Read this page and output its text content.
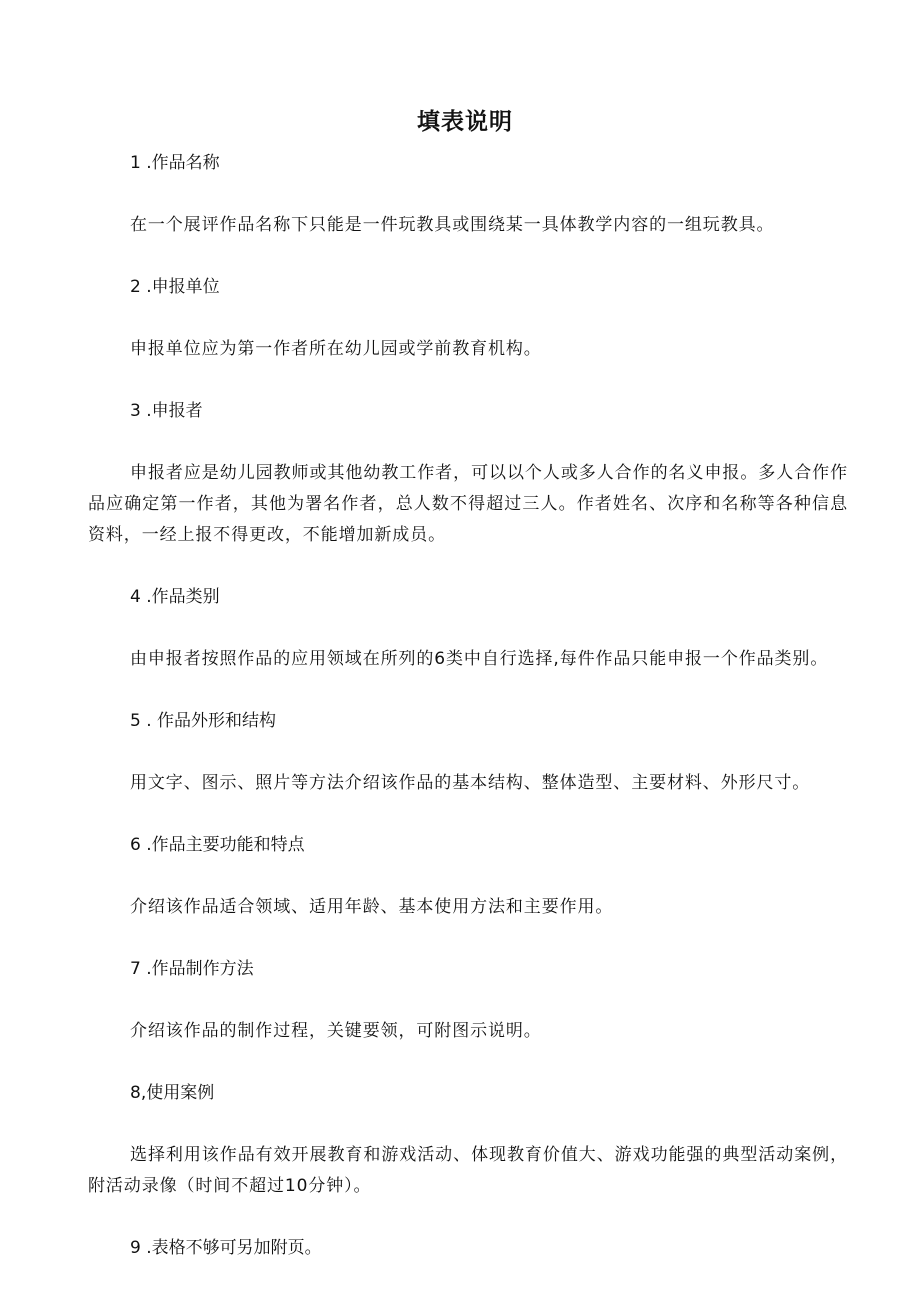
填表说明
1 .作品名称
在一个展评作品名称下只能是一件玩教具或围绕某一具体教学内容的一组玩教具。
2 .申报单位
申报单位应为第一作者所在幼儿园或学前教育机构。
3 .申报者
申报者应是幼儿园教师或其他幼教工作者，可以以个人或多人合作的名义申报。多人合作作品应确定第一作者，其他为署名作者，总人数不得超过三人。作者姓名、次序和名称等各种信息资料，一经上报不得更改，不能增加新成员。
4 .作品类别
由申报者按照作品的应用领域在所列的6类中自行选择,每件作品只能申报一个作品类别。
5 . 作品外形和结构
用文字、图示、照片等方法介绍该作品的基本结构、整体造型、主要材料、外形尺寸。
6 .作品主要功能和特点
介绍该作品适合领域、适用年龄、基本使用方法和主要作用。
7 .作品制作方法
介绍该作品的制作过程，关键要领，可附图示说明。
8,使用案例
选择利用该作品有效开展教育和游戏活动、体现教育价值大、游戏功能强的典型活动案例，附活动录像（时间不超过10分钟）。
9 .表格不够可另加附页。
